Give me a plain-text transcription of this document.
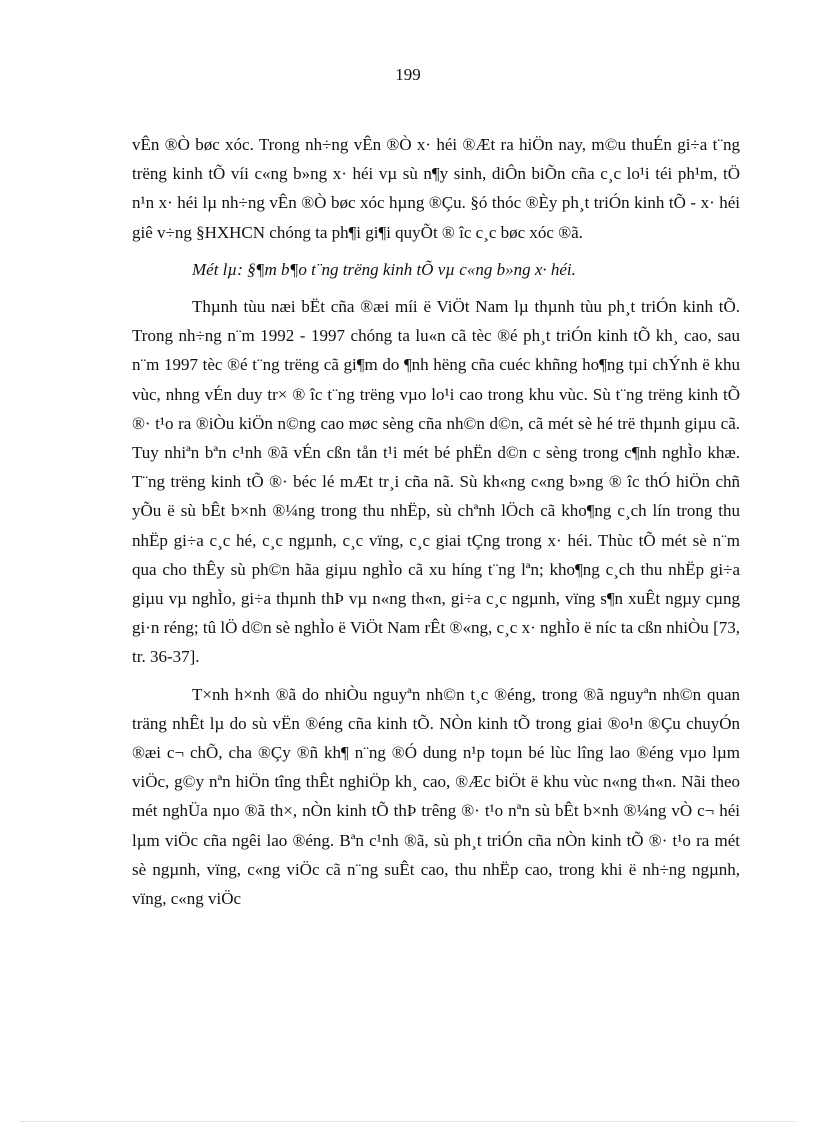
199

vÊn ®Ò bøc xóc. Trong nh÷ng vÊn ®Ò x· héi ®Æt ra hiÖn nay, m©u thuÉn gi÷a t¨ng trëng kinh tÕ víi c«ng b»ng x· héi vµ sù n¶y sinh, diÔn biÕn cña c¸c lo¹i téi ph¹m, tÖ n¹n x· héi lµ nh÷ng vÊn ®Ò bøc xóc hµng ®Çu. §ó thóc ®Èy ph¸t triÓn kinh tÕ - x· héi giê v÷ng §HXHCN chóng ta ph¶i gi¶i quyÕt ® îc c¸c bøc xóc ®ã.

Mét lµ: §¶m b¶o t¨ng trëng kinh tÕ vµ c«ng b»ng x· héi.

Thµnh tùu næi bËt cña ®æi míi ë ViÖt Nam lµ thµnh tùu ph¸t triÓn kinh tÕ. Trong nh÷ng n¨m 1992 - 1997 chóng ta lu«n cã tèc ®é ph¸t triÓn kinh tÕ kh¸ cao, sau n¨m 1997 tèc ®é t¨ng trëng cã gi¶m do ¶nh hëng cña cuéc khñng ho¶ng tµi chÝnh ë khu vùc, nhng vÉn duy tr× ® îc t¨ng trëng vµo lo¹i cao trong khu vùc. Sù t¨ng trëng kinh tÕ ®· t¹o ra ®iÒu kiÖn n©ng cao møc sèng cña nh©n d©n, cã mét sè hé trë thµnh giµu cã. Tuy nhiªn bªn c¹nh ®ã vÉn cßn tån t¹i mét bé phËn d©n c sèng trong c¶nh nghÌo khæ. T¨ng trëng kinh tÕ ®· béc lé mÆt tr¸i cña nã. Sù kh«ng c«ng b»ng ® îc thÓ hiÖn chñ yÕu ë sù bÊt b×nh ®¼ng trong thu nhËp, sù chªnh lÖch cã kho¶ng c¸ch lín trong thu nhËp gi÷a c¸c hé, c¸c ngµnh, c¸c vïng, c¸c giai tÇng trong x· héi. Thùc tÕ mét sè n¨m qua cho thÊy sù ph©n hãa giµu nghÌo cã xu híng t¨ng lªn; kho¶ng c¸ch thu nhËp gi÷a giµu vµ nghÌo, gi÷a thµnh thÞ vµ n«ng th«n, gi÷a c¸c ngµnh, vïng s¶n xuÊt ngµy cµng gi·n réng; tû lÖ d©n sè nghÌo ë ViÖt Nam rÊt ®«ng, c¸c x· nghÌo ë níc ta cßn nhiÒu [73, tr. 36-37].

T×nh h×nh ®ã do nhiÒu nguyªn nh©n t¸c ®éng, trong ®ã nguyªn nh©n quan träng nhÊt lµ do sù vËn ®éng cña kinh tÕ. NÒn kinh tÕ trong giai ®o¹n ®Çu chuyÓn ®æi c¬ chÕ, cha ®Çy ®ñ kh¶ n¨ng ®Ó dung n¹p toµn bé lùc lîng lao ®éng vµo lµm viÖc, g©y nªn hiÖn tîng thÊt nghiÖp kh¸ cao, ®Æc biÖt ë khu vùc n«ng th«n. Nãi theo mét nghÜa nµo ®ã th×, nÒn kinh tÕ thÞ trêng ®· t¹o nªn sù bÊt b×nh ®¼ng vÒ c¬ héi lµm viÖc cña ngêi lao ®éng. Bªn c¹nh ®ã, sù ph¸t triÓn cña nÒn kinh tÕ ®· t¹o ra mét sè ngµnh, vïng, c«ng viÖc cã n¨ng suÊt cao, thu nhËp cao, trong khi ë nh÷ng ngµnh, vïng, c«ng viÖc
